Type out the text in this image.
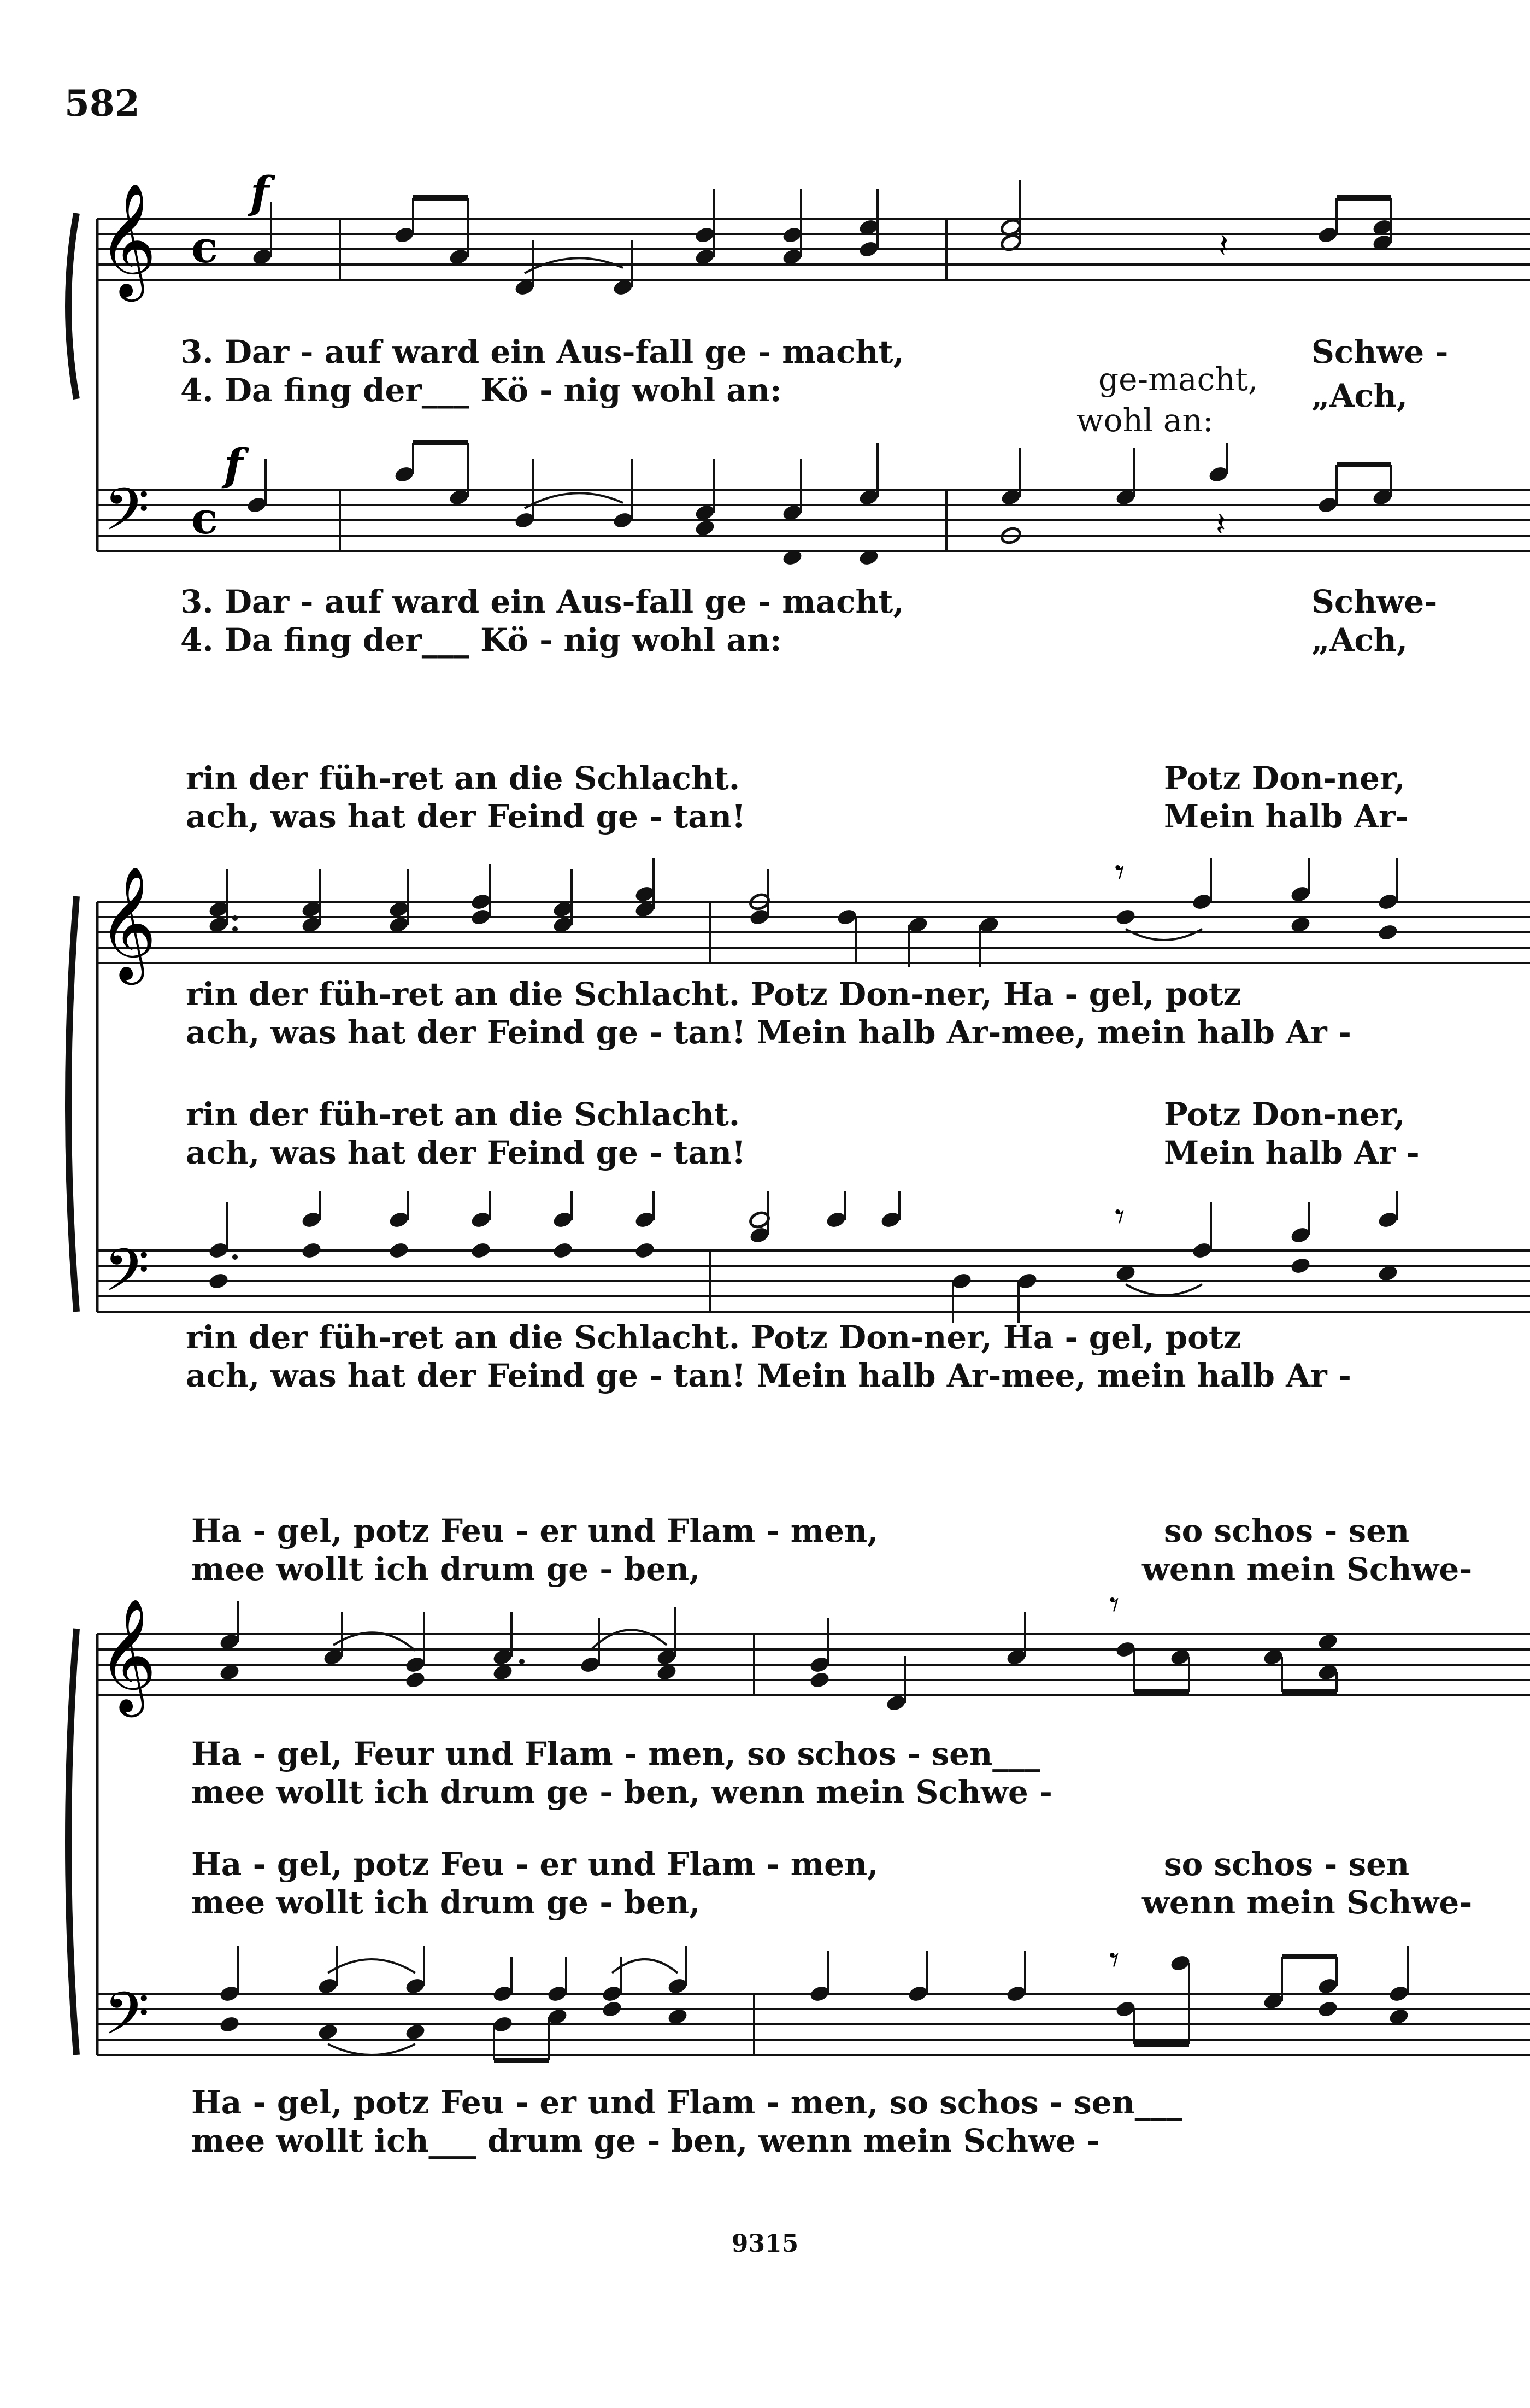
582
𝄞
𝄢
c
c
f
f
𝄽
𝄽
𝄞
𝄢
𝄾
𝄾
𝄞
𝄢
𝄾
𝄾
3. Dar - auf ward ein Aus-fall ge - macht,
4. Da fing der___ Kö - nig wohl an:
Schwe -
„Ach,
ge-macht,
wohl an:
3. Dar - auf ward ein Aus-fall ge - macht,
4. Da fing der___ Kö - nig wohl an:
Schwe-
„Ach,
rin der füh-ret an die Schlacht.
ach, was hat der Feind ge - tan!
Potz Don-ner,
Mein halb Ar-
rin der füh-ret an die Schlacht. Potz Don-ner, Ha - gel, potz
ach, was hat der Feind ge - tan! Mein halb Ar-mee, mein halb Ar -
rin der füh-ret an die Schlacht.
ach, was hat der Feind ge - tan!
Potz Don-ner,
Mein halb Ar -
rin der füh-ret an die Schlacht. Potz Don-ner, Ha - gel, potz
ach, was hat der Feind ge - tan! Mein halb Ar-mee, mein halb Ar -
Ha - gel, potz Feu - er und Flam - men,
mee wollt ich drum ge - ben,
so schos - sen
wenn mein Schwe-
Ha - gel, Feur und Flam - men, so schos - sen___
mee wollt ich drum ge - ben, wenn mein Schwe -
Ha - gel, potz Feu - er und Flam - men,
mee wollt ich drum ge - ben,
so schos - sen
wenn mein Schwe-
Ha - gel, potz Feu - er und Flam - men, so schos - sen___
mee wollt ich___ drum ge - ben, wenn mein Schwe -
9315
